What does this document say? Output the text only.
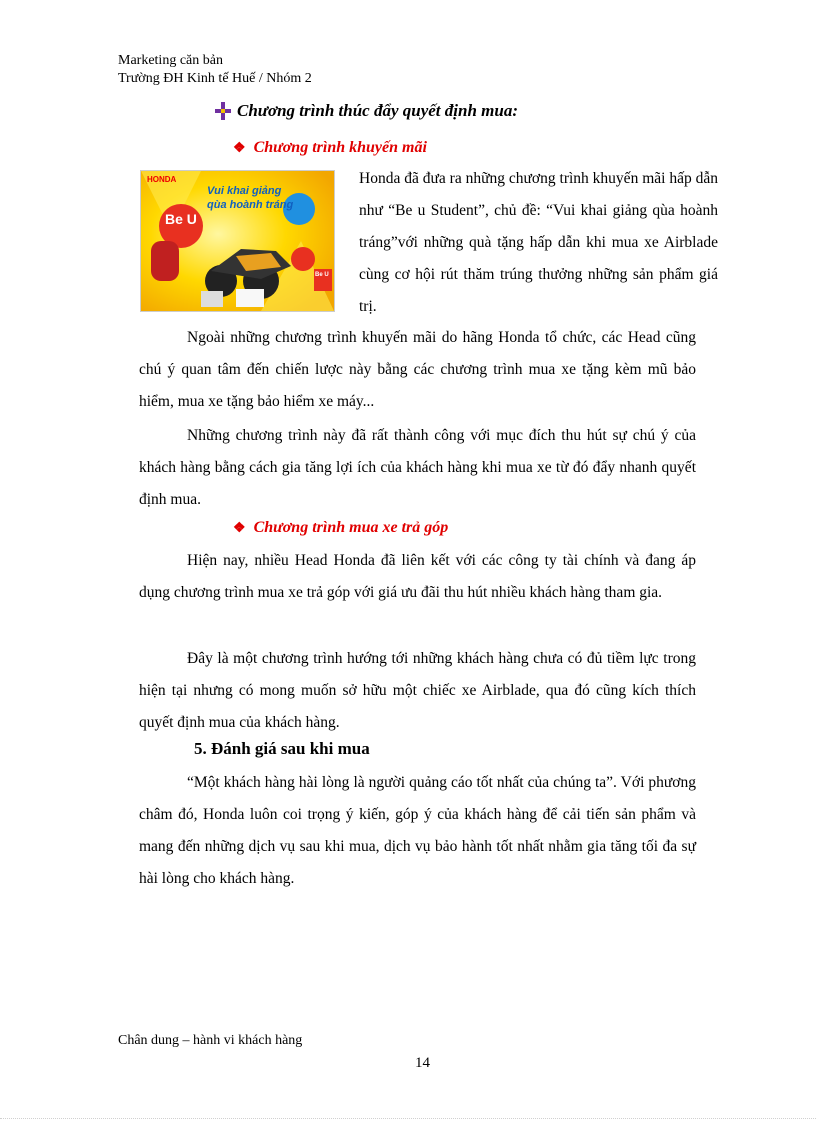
Marketing căn bản
Trường ĐH Kinh tế Huế / Nhóm 2
Chương trình thúc đẩy quyết định mua:
❖ Chương trình khuyến mãi
HONDA
Be U
Vui khai giảng
qùa hoành tráng
Be U
Honda đã đưa ra những chương trình khuyến mãi hấp dẫn như “Be u Student”, chủ đề: “Vui khai giảng qùa hoành tráng”với những quà tặng hấp dẫn khi mua xe Airblade cùng cơ hội rút thăm trúng thưởng những sản phẩm giá trị.
Ngoài những chương trình khuyến mãi do hãng Honda tổ chức, các Head cũng chú ý quan tâm đến chiến lược này bằng các chương trình mua xe tặng kèm mũ bảo hiểm, mua xe tặng bảo hiểm xe máy...
Những chương trình này đã rất thành công với mục đích thu hút sự chú ý của khách hàng bằng cách gia tăng lợi ích của khách hàng khi mua xe từ đó đẩy nhanh quyết định mua.
❖ Chương trình mua xe trả góp
Hiện nay, nhiều Head Honda đã liên kết với các công ty tài chính và đang áp dụng chương trình mua xe trả góp với giá ưu đãi thu hút nhiều khách hàng tham gia.
Đây là một chương trình hướng tới những khách hàng chưa có đủ tiềm lực trong hiện tại nhưng có mong muốn sở hữu một chiếc xe Airblade, qua đó cũng kích thích quyết định mua của khách hàng.
5. Đánh giá sau khi mua
“Một khách hàng hài lòng là người quảng cáo tốt nhất của chúng ta”. Với phương châm đó, Honda luôn coi trọng ý kiến, góp ý của khách hàng để cải tiến sản phẩm và mang đến những dịch vụ sau khi mua, dịch vụ bảo hành tốt nhất nhằm gia tăng tối đa sự hài lòng cho khách hàng.
Chân dung – hành vi khách hàng
14
